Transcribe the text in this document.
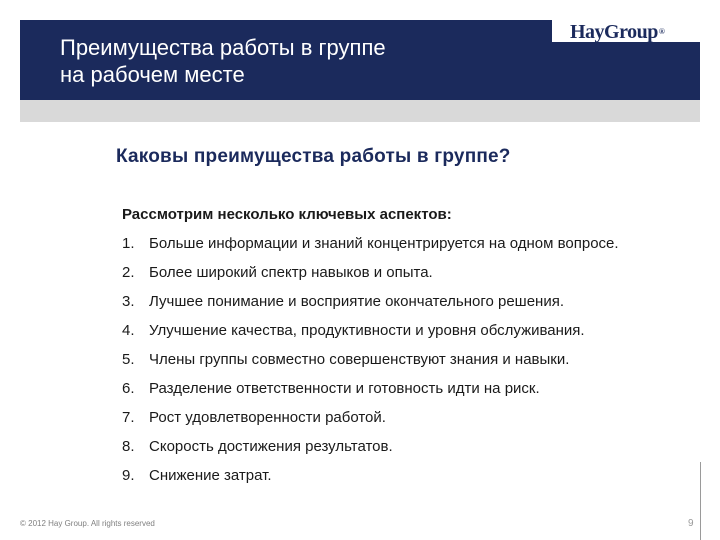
Преимущества работы в группе
на рабочем месте
HayGroup®
Каковы преимущества работы в группе?
Рассмотрим несколько ключевых аспектов:
1. Больше информации и знаний концентрируется на одном вопросе.
2. Более широкий спектр навыков и опыта.
3. Лучшее понимание и восприятие окончательного решения.
4. Улучшение качества, продуктивности и уровня обслуживания.
5. Члены группы совместно совершенствуют знания и навыки.
6. Разделение ответственности и готовность идти на риск.
7. Рост удовлетворенности работой.
8. Скорость достижения результатов.
9. Снижение затрат.
© 2012 Hay Group. All rights reserved	9
